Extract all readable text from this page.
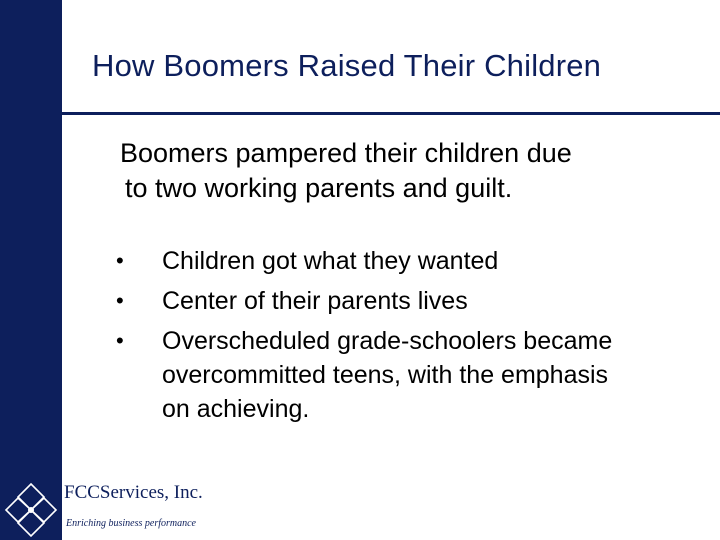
How Boomers Raised Their Children
Boomers pampered their children due
to two working parents and guilt.
• Children got what they wanted
• Center of their parents lives
• Overscheduled grade-schoolers became
overcommitted teens, with the emphasis
on achieving.
FCCServices, Inc.
Enriching business performance
